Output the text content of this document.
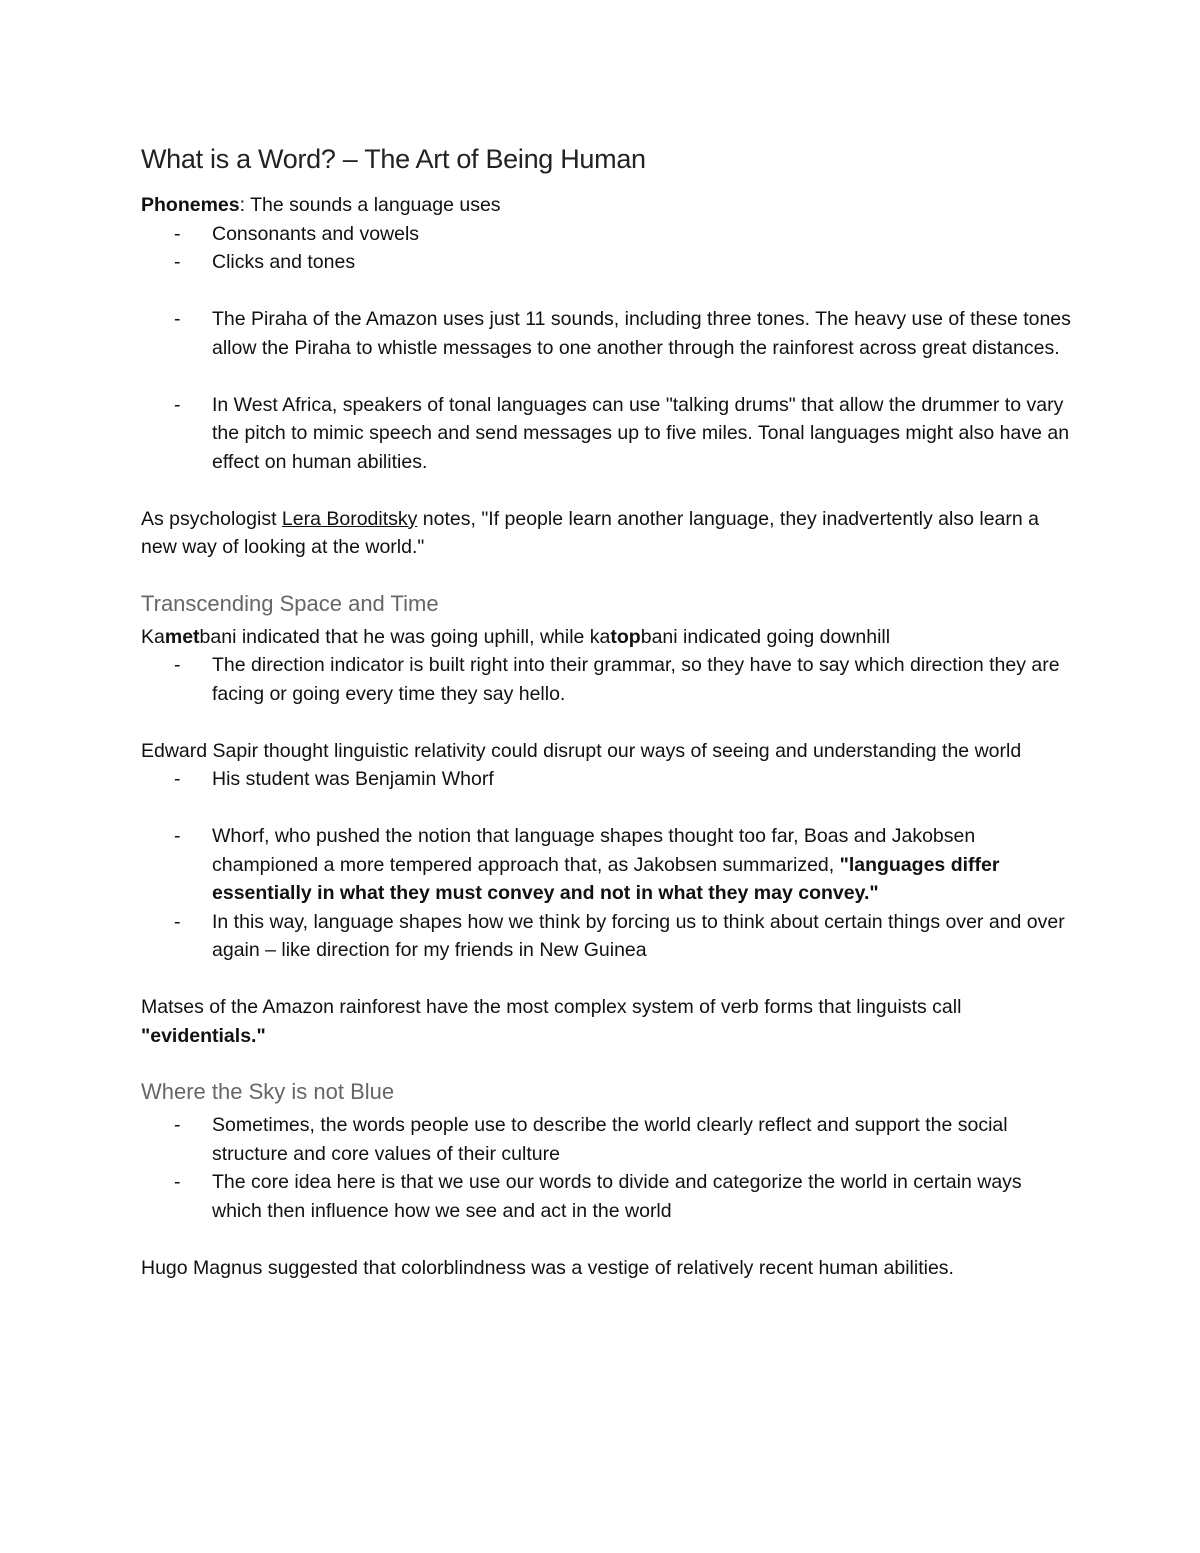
What is a Word? – The Art of Being Human

Phonemes: The sounds a language uses

- Consonants and vowels
- Clicks and tones
- The Piraha of the Amazon uses just 11 sounds, including three tones. The heavy use of these tones allow the Piraha to whistle messages to one another through the rainforest across great distances.
- In West Africa, speakers of tonal languages can use "talking drums" that allow the drummer to vary the pitch to mimic speech and send messages up to five miles. Tonal languages might also have an effect on human abilities.

As psychologist Lera Boroditsky notes, "If people learn another language, they inadvertently also learn a new way of looking at the world."

Transcending Space and Time

Kametbani indicated that he was going uphill, while katopbani indicated going downhill

- The direction indicator is built right into their grammar, so they have to say which direction they are facing or going every time they say hello.

Edward Sapir thought linguistic relativity could disrupt our ways of seeing and understanding the world

- His student was Benjamin Whorf
- Whorf, who pushed the notion that language shapes thought too far, Boas and Jakobsen championed a more tempered approach that, as Jakobsen summarized, "languages differ essentially in what they must convey and not in what they may convey."
- In this way, language shapes how we think by forcing us to think about certain things over and over again – like direction for my friends in New Guinea

Matses of the Amazon rainforest have the most complex system of verb forms that linguists call "evidentials."

Where the Sky is not Blue
- Sometimes, the words people use to describe the world clearly reflect and support the social structure and core values of their culture
- The core idea here is that we use our words to divide and categorize the world in certain ways which then influence how we see and act in the world

Hugo Magnus suggested that colorblindness was a vestige of relatively recent human abilities.
